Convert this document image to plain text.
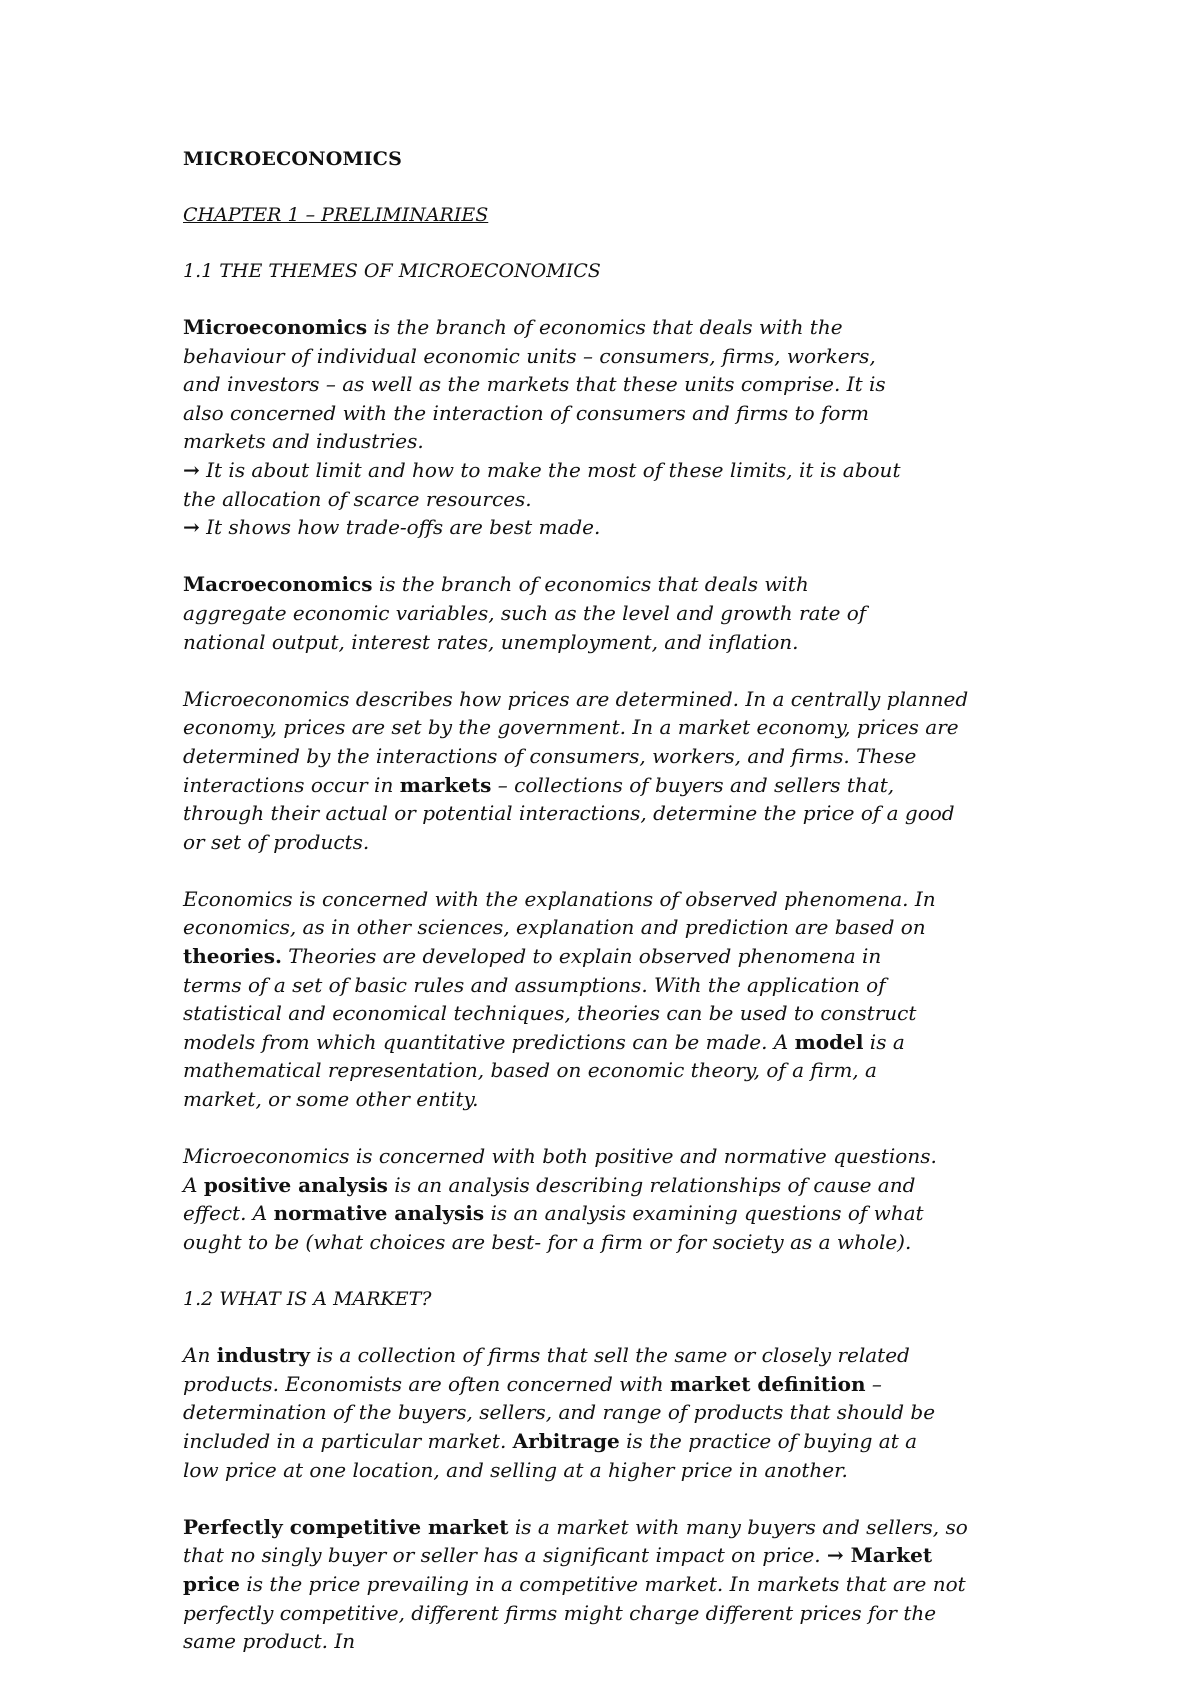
MICROECONOMICS
CHAPTER 1 – PRELIMINARIES
1.1 THE THEMES OF MICROECONOMICS
Microeconomics is the branch of economics that deals with the behaviour of individual economic units – consumers, firms, workers, and investors – as well as the markets that these units comprise. It is also concerned with the interaction of consumers and firms to form markets and industries.
→ It is about limit and how to make the most of these limits, it is about the allocation of scarce resources.
→ It shows how trade-offs are best made.
Macroeconomics is the branch of economics that deals with aggregate economic variables, such as the level and growth rate of national output, interest rates, unemployment, and inflation.
Microeconomics describes how prices are determined. In a centrally planned economy, prices are set by the government. In a market economy, prices are determined by the interactions of consumers, workers, and firms. These interactions occur in markets – collections of buyers and sellers that, through their actual or potential interactions, determine the price of a good or set of products.
Economics is concerned with the explanations of observed phenomena. In economics, as in other sciences, explanation and prediction are based on theories. Theories are developed to explain observed phenomena in terms of a set of basic rules and assumptions. With the application of statistical and economical techniques, theories can be used to construct models from which quantitative predictions can be made. A model is a mathematical representation, based on economic theory, of a firm, a market, or some other entity.
Microeconomics is concerned with both positive and normative questions. A positive analysis is an analysis describing relationships of cause and effect. A normative analysis is an analysis examining questions of what ought to be (what choices are best- for a firm or for society as a whole).
1.2 WHAT IS A MARKET?
An industry is a collection of firms that sell the same or closely related products. Economists are often concerned with market definition – determination of the buyers, sellers, and range of products that should be included in a particular market. Arbitrage is the practice of buying at a low price at one location, and selling at a higher price in another.
Perfectly competitive market is a market with many buyers and sellers, so that no singly buyer or seller has a significant impact on price. → Market price is the price prevailing in a competitive market. In markets that are not perfectly competitive, different firms might charge different prices for the same product. In
